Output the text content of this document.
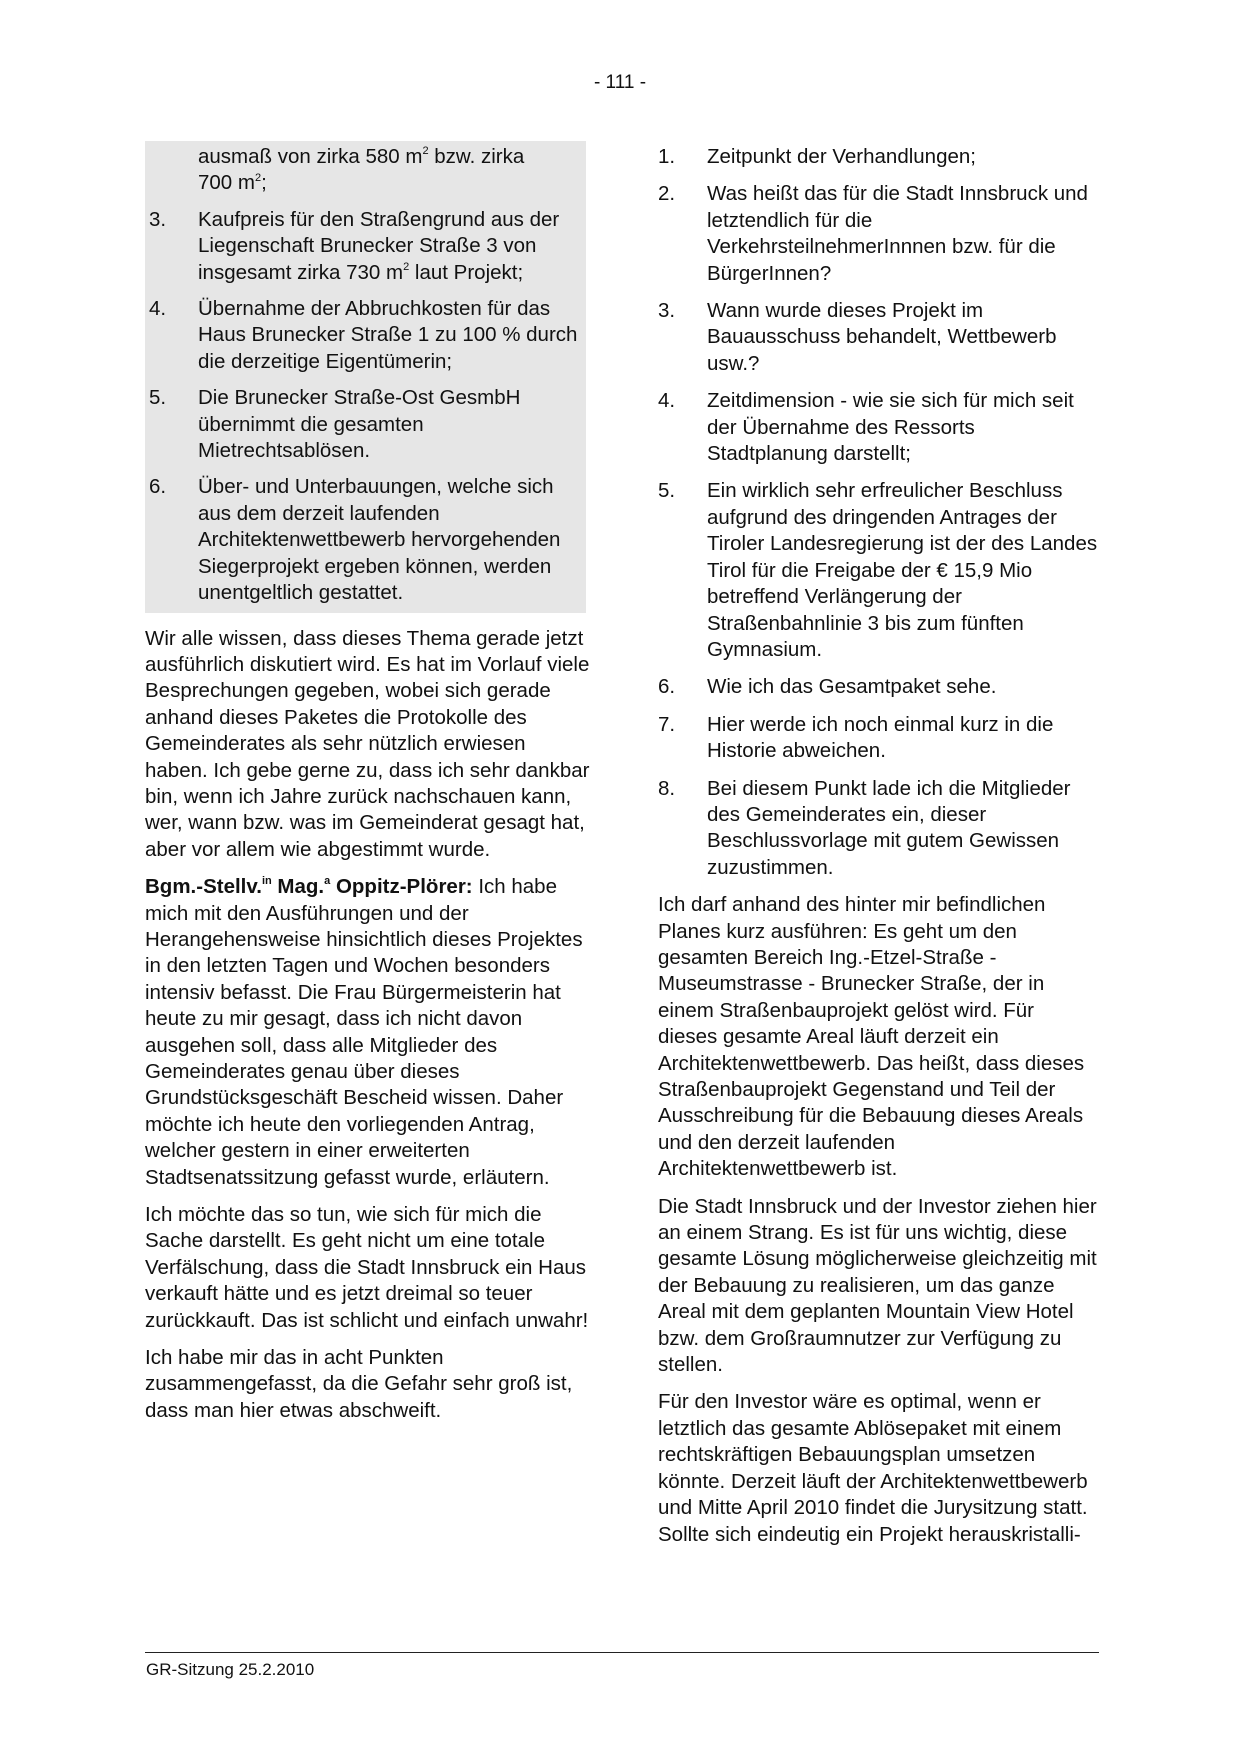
- 111 -
ausmaß von zirka 580 $m^2$ bzw. zirka
700 $m^2$;
3. Kaufpreis für den Straßengrund aus der Liegenschaft Brunecker Straße 3 von insgesamt zirka 730 $m^2$ laut Projekt;
4. Übernahme der Abbruchkosten für das Haus Brunecker Straße 1 zu 100 % durch die derzeitige Eigentümerin;
5. Die Brunecker Straße-Ost GesmbH übernimmt die gesamten Mietrechtsablösen.
6. Über- und Unterbauungen, welche sich aus dem derzeit laufenden Architektenwettbewerb hervorgehenden Siegerprojekt ergeben können, werden unentgeltlich gestattet.

Wir alle wissen, dass dieses Thema gerade jetzt ausführlich diskutiert wird. Es hat im Vorlauf viele Besprechungen gegeben, wobei sich gerade anhand dieses Paketes die Protokolle des Gemeinderates als sehr nützlich erwiesen haben. Ich gebe gerne zu, dass ich sehr dankbar bin, wenn ich Jahre zurück nachschauen kann, wer, wann bzw. was im Gemeinderat gesagt hat, aber vor allem wie abgestimmt wurde.

Bgm.-Stellv.$^{in}$ Mag.$^a$ Oppitz-Plörer: Ich habe mich mit den Ausführungen und der Herangehensweise hinsichtlich dieses Projektes in den letzten Tagen und Wochen besonders intensiv befasst. Die Frau Bürgermeisterin hat heute zu mir gesagt, dass ich nicht davon ausgehen soll, dass alle Mitglieder des Gemeinderates genau über dieses Grundstücksgeschäft Bescheid wissen. Daher möchte ich heute den vorliegenden Antrag, welcher gestern in einer erweiterten Stadtsenatssitzung gefasst wurde, erläutern.

Ich möchte das so tun, wie sich für mich die Sache darstellt. Es geht nicht um eine totale Verfälschung, dass die Stadt Innsbruck ein Haus verkauft hätte und es jetzt dreimal so teuer zurückkauft. Das ist schlicht und einfach unwahr!

Ich habe mir das in acht Punkten zusammengefasst, da die Gefahr sehr groß ist, dass man hier etwas abschweift.

1. Zeitpunkt der Verhandlungen;
2. Was heißt das für die Stadt Innsbruck und letztendlich für die VerkehrsteilnehmerInnnen bzw. für die BürgerInnen?
3. Wann wurde dieses Projekt im Bauausschuss behandelt, Wettbewerb usw.?
4. Zeitdimension - wie sie sich für mich seit der Übernahme des Ressorts Stadtplanung darstellt;
5. Ein wirklich sehr erfreulicher Beschluss aufgrund des dringenden Antrages der Tiroler Landesregierung ist der des Landes Tirol für die Freigabe der € 15,9 Mio betreffend Verlängerung der Straßenbahnlinie 3 bis zum fünften Gymnasium.
6. Wie ich das Gesamtpaket sehe.
7. Hier werde ich noch einmal kurz in die Historie abweichen.
8. Bei diesem Punkt lade ich die Mitglieder des Gemeinderates ein, dieser Beschlussvorlage mit gutem Gewissen zuzustimmen.

Ich darf anhand des hinter mir befindlichen Planes kurz ausführen: Es geht um den gesamten Bereich Ing.-Etzel-Straße - Museumstrasse - Brunecker Straße, der in einem Straßenbauprojekt gelöst wird. Für dieses gesamte Areal läuft derzeit ein Architektenwettbewerb. Das heißt, dass dieses Straßenbauprojekt Gegenstand und Teil der Ausschreibung für die Bebauung dieses Areals und den derzeit laufenden Architektenwettbewerb ist.

Die Stadt Innsbruck und der Investor ziehen hier an einem Strang. Es ist für uns wichtig, diese gesamte Lösung möglicherweise gleichzeitig mit der Bebauung zu realisieren, um das ganze Areal mit dem geplanten Mountain View Hotel bzw. dem Großraumnutzer zur Verfügung zu stellen.

Für den Investor wäre es optimal, wenn er letztlich das gesamte Ablösepaket mit einem rechtskräftigen Bebauungsplan umsetzen könnte. Derzeit läuft der Architektenwettbewerb und Mitte April 2010 findet die Jurysitzung statt. Sollte sich eindeutig ein Projekt herauskristalli-

GR-Sitzung 25.2.2010
